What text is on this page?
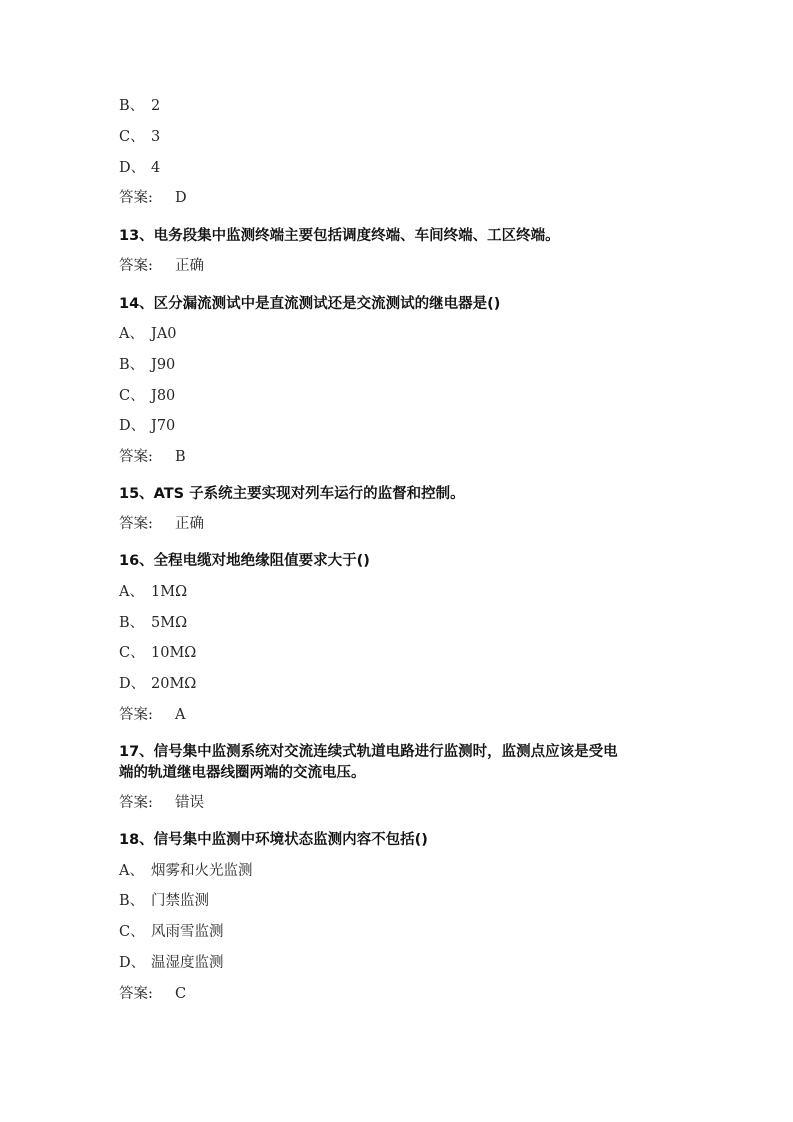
B、 2
C、 3
D、 4
答案: D
13、电务段集中监测终端主要包括调度终端、车间终端、工区终端。
答案: 正确
14、区分漏流测试中是直流测试还是交流测试的继电器是()
A、 JA0
B、 J90
C、 J80
D、 J70
答案: B
15、ATS 子系统主要实现对列车运行的监督和控制。
答案: 正确
16、全程电缆对地绝缘阻值要求大于()
A、 1MΩ
B、 5MΩ
C、 10MΩ
D、 20MΩ
答案: A
17、信号集中监测系统对交流连续式轨道电路进行监测时，监测点应该是受电
端的轨道继电器线圈两端的交流电压。
答案: 错误
18、信号集中监测中环境状态监测内容不包括()
A、 烟雾和火光监测
B、 门禁监测
C、 风雨雪监测
D、 温湿度监测
答案: C
